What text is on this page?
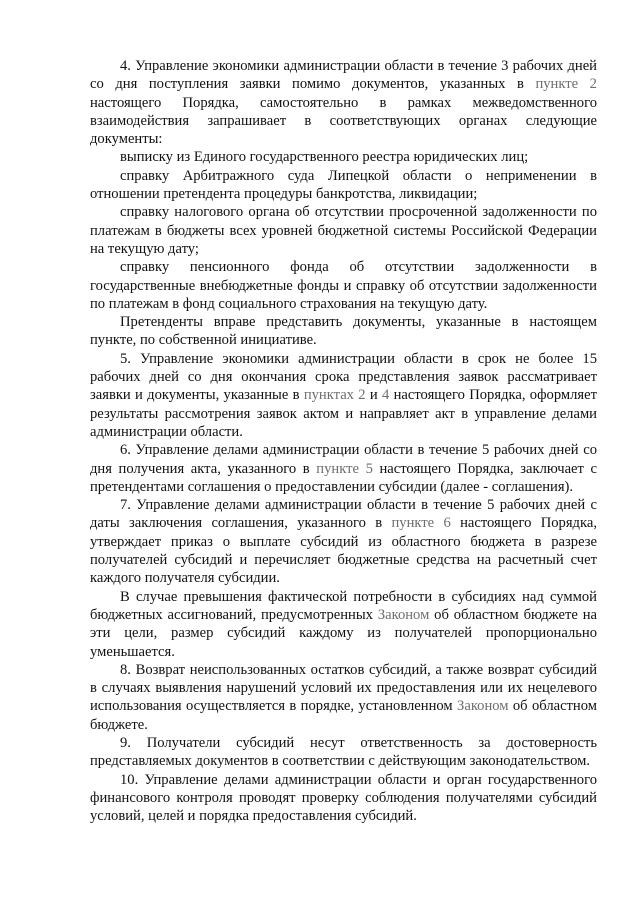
4. Управление экономики администрации области в течение 3 рабочих дней со дня поступления заявки помимо документов, указанных в пункте 2 настоящего Порядка, самостоятельно в рамках межведомственного взаимодействия запрашивает в соответствующих органах следующие документы:

выписку из Единого государственного реестра юридических лиц;

справку Арбитражного суда Липецкой области о неприменении в отношении претендента процедуры банкротства, ликвидации;

справку налогового органа об отсутствии просроченной задолженности по платежам в бюджеты всех уровней бюджетной системы Российской Федерации на текущую дату;

справку пенсионного фонда об отсутствии задолженности в государственные внебюджетные фонды и справку об отсутствии задолженности по платежам в фонд социального страхования на текущую дату.

Претенденты вправе представить документы, указанные в настоящем пункте, по собственной инициативе.

5. Управление экономики администрации области в срок не более 15 рабочих дней со дня окончания срока представления заявок рассматривает заявки и документы, указанные в пунктах 2 и 4 настоящего Порядка, оформляет результаты рассмотрения заявок актом и направляет акт в управление делами администрации области.

6. Управление делами администрации области в течение 5 рабочих дней со дня получения акта, указанного в пункте 5 настоящего Порядка, заключает с претендентами соглашения о предоставлении субсидии (далее - соглашения).

7. Управление делами администрации области в течение 5 рабочих дней с даты заключения соглашения, указанного в пункте 6 настоящего Порядка, утверждает приказ о выплате субсидий из областного бюджета в разрезе получателей субсидий и перечисляет бюджетные средства на расчетный счет каждого получателя субсидии.

В случае превышения фактической потребности в субсидиях над суммой бюджетных ассигнований, предусмотренных Законом об областном бюджете на эти цели, размер субсидий каждому из получателей пропорционально уменьшается.

8. Возврат неиспользованных остатков субсидий, а также возврат субсидий в случаях выявления нарушений условий их предоставления или их нецелевого использования осуществляется в порядке, установленном Законом об областном бюджете.

9. Получатели субсидий несут ответственность за достоверность представляемых документов в соответствии с действующим законодательством.

10. Управление делами администрации области и орган государственного финансового контроля проводят проверку соблюдения получателями субсидий условий, целей и порядка предоставления субсидий.
